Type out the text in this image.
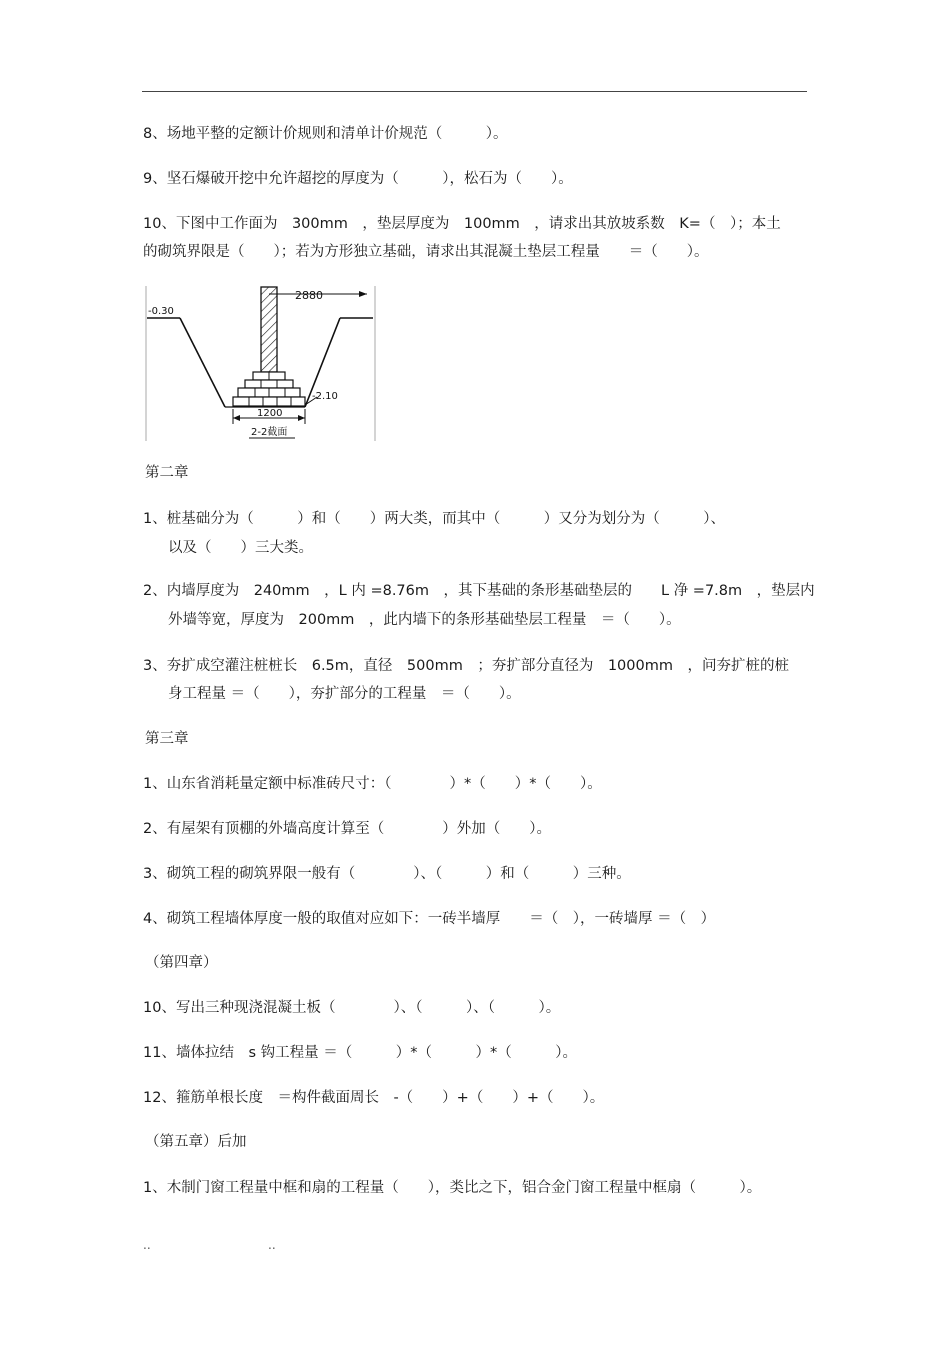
8、场地平整的定额计价规则和清单计价规范（　　　）。
9、坚石爆破开挖中允许超挖的厚度为（　　　），松石为（　　）。
10、下图中工作面为　300mm　，垫层厚度为　100mm　，请求出其放坡系数　K=（　）；本土
的砌筑界限是（　　）；若为方形独立基础，请求出其混凝土垫层工程量　　＝（　　）。
2880
-0.30
-2.10
1200
2-2截面
第二章
1、桩基础分为（　　　）和（　　）两大类，而其中（　　　）又分为划分为（　　　）、
以及（　　）三大类。
2、内墙厚度为　240mm　，L 内 =8.76m　，其下基础的条形基础垫层的　　L 净 =7.8m　，垫层内
外墙等宽，厚度为　200mm　，此内墙下的条形基础垫层工程量　＝（　　）。
3、夯扩成空灌注桩桩长　6.5m，直径　500mm　；夯扩部分直径为　1000mm　，问夯扩桩的桩
身工程量 ＝（　　），夯扩部分的工程量　＝（　　）。
第三章
1、山东省消耗量定额中标准砖尺寸：（　　　　）*（　　）*（　　）。
2、有屋架有顶棚的外墙高度计算至（　　　　）外加（　　）。
3、砌筑工程的砌筑界限一般有（　　　　）、（　　　）和（　　　）三种。
4、砌筑工程墙体厚度一般的取值对应如下：一砖半墙厚　　＝（　），一砖墙厚 ＝（　）
（第四章）
10、写出三种现浇混凝土板（　　　　）、（　　　）、（　　　）。
11、墙体拉结　s 钩工程量 ＝（　　　）*（　　　）*（　　　）。
12、箍筋单根长度　＝构件截面周长　-（　　）+（　　）+（　　）。
（第五章）后加
1、木制门窗工程量中框和扇的工程量（　　），类比之下，铝合金门窗工程量中框扇（　　　）。
..	..
